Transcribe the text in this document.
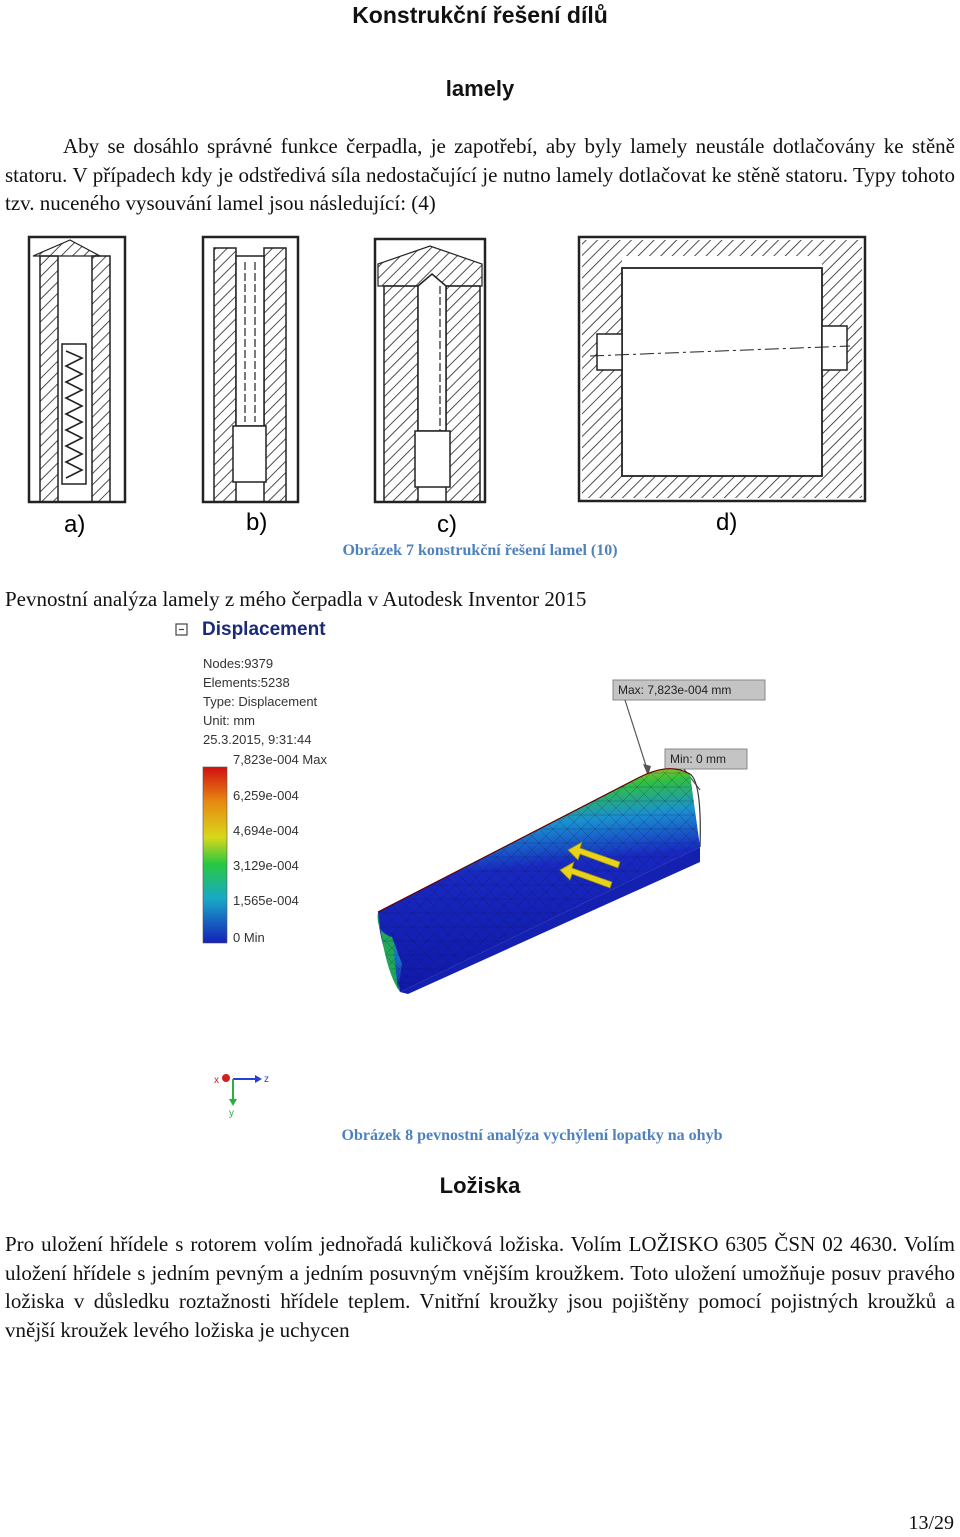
Konstrukční řešení dílů
lamely
Aby se dosáhlo správné funkce čerpadla, je zapotřebí, aby byly lamely neustále dotlačovány ke stěně statoru. V případech kdy je odstředivá síla nedostačující je nutno lamely dotlačovat ke stěně statoru. Typy tohoto tzv. nuceného vysouvání lamel jsou následující: (4)
a)	b)	c)	d)
Obrázek 7 konstrukční řešení lamel (10)
Pevnostní analýza lamely z mého čerpadla v Autodesk Inventor 2015
Displacement
Nodes:9379
Elements:5238
Type: Displacement
Unit: mm
25.3.2015, 9:31:44
7,823e-004 Max
6,259e-004
4,694e-004
3,129e-004
1,565e-004
0 Min
Max: 7,823e-004 mm
Min: 0 mm
x	z
y
Obrázek 8 pevnostní analýza vychýlení lopatky na ohyb
Ložiska
Pro uložení hřídele s rotorem volím jednořadá kuličková ložiska. Volím LOŽISKO 6305 ČSN 02 4630. Volím uložení hřídele s jedním pevným a jedním posuvným vnějším kroužkem. Toto uložení umožňuje posuv pravého ložiska v důsledku roztažnosti hřídele teplem. Vnitřní kroužky jsou pojištěny pomocí pojistných kroužků a vnější kroužek levého ložiska je uchycen
13/29
